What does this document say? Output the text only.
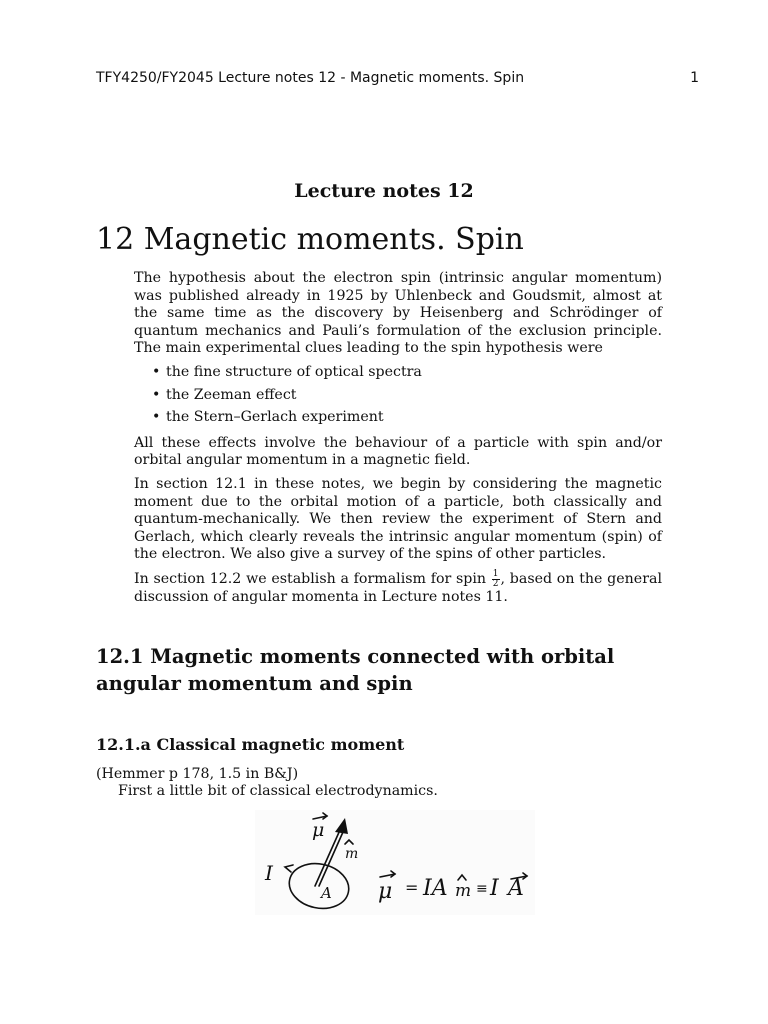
TFY4250/FY2045 Lecture notes 12 - Magnetic moments. Spin	1
Lecture notes 12
12 Magnetic moments. Spin

The hypothesis about the electron spin (intrinsic angular momentum) was published already in 1925 by Uhlenbeck and Goudsmit, almost at the same time as the discovery by Heisenberg and Schrödinger of quantum mechanics and Pauli’s formulation of the exclusion principle. The main experimental clues leading to the spin hypothesis were

• the fine structure of optical spectra
• the Zeeman effect
• the Stern–Gerlach experiment

All these effects involve the behaviour of a particle with spin and/or orbital angular momentum in a magnetic field.

In section 12.1 in these notes, we begin by considering the magnetic moment due to the orbital motion of a particle, both classically and quantum-mechanically. We then review the experiment of Stern and Gerlach, which clearly reveals the intrinsic angular momentum (spin) of the electron. We also give a survey of the spins of other particles.

In section 12.2 we establish a formalism for spin $\frac{1}{2}$ , based on the general discussion of angular momenta in Lecture notes 11.

12.1 Magnetic moments connected with orbital angular momentum and spin
12.1.a Classical magnetic moment
(Hemmer p 178, 1.5 in B&J)
First a little bit of classical electrodynamics.
μ
m
I
A μ = IA m ≡ I A
